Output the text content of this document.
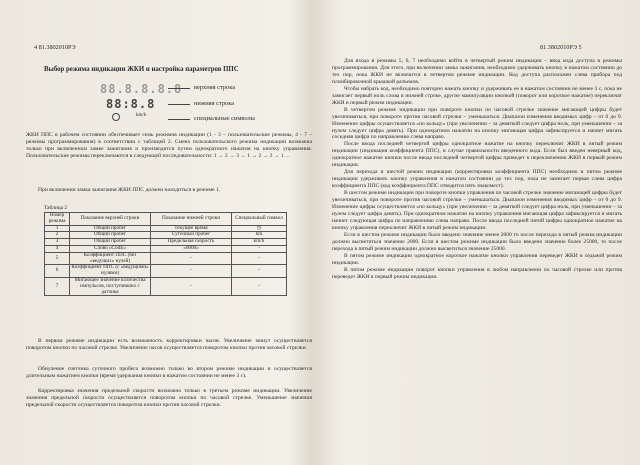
4 81.3802010РЭ	81.3802010РЭ 5
Выбор режима индикации ЖКИ и настройка параметров ППС
88.8.8.8.8
88:8.8
km/h
верхняя строка
нижняя строка
специальные символы
ЖКИ ППС в рабочем состоянии обеспечивает семь режимов индикации (1 - 3 – пользовательские режимы, 4 - 7 – режимы программирования) в соответствии с таблицей 2. Смена пользовательского режима индикации возможна только при включенном замке зажигания и производится путем однократного нажатия на кнопку управления. Пользовательские режимы переключаются в следующей последовательности: 1 → 2 → 3 → 1 → 2 → 3 → 1 …
При включении замка зажигания ЖКИ ППС должен находиться в режиме 1.
Таблица 2
Номер режима	Показание верхней строки	Показание нижней строки	Специальный символ
1	Общий пробег	Текущее время	◷
2	Общий пробег	Суточный пробег	km
3	Общий пробег	Предельная скорость	km/h
4	Слово «CodE»	«0000»	-
5	Коэффициент ППС (без «ведущих» нулей)	-	-
6	Коэффициент ППС (с «ведущими» нулями)	-	-
7	Мигающее значение количества импульсов, поступивших с датчика	-	-
В первом режиме индикации есть возможность корректировки часов. Увеличение минут осуществляется поворотом кнопки по часовой стрелке. Увеличение часов осуществляется поворотом кнопки против часовой стрелки.
Обнуление счетчика суточного пробега возможно только во втором режиме индикации и осуществляется длительным нажатием кнопки (время удержания кнопки в нажатом состоянии не менее 3 с).
Корректировка значения предельной скорости возможна только в третьем режиме индикации. Увеличение значения предельной скорости осуществляется поворотом кнопки по часовой стрелке. Уменьшение значения предельной скорости осуществляется поворотом кнопки против часовой стрелки.

Для входа в режимы 5, 6, 7 необходимо войти в четвертый режим индикации – ввод кода доступа в режимы программирования. Для этого, при включении замка зажигания, необходимо удерживать кнопку в нажатом состоянии до тех пор, пока ЖКИ не включится в четвертом режиме индикации. Код доступа расположен слева прибора под пломбировочной крышкой разъемов.

Чтобы набрать код, необходимо повторно нажать кнопку и удерживать ее в нажатом состоянии не менее 3 с, пока не замигает первый ноль слова в нижней строке, другие манипуляции кнопкой (поворот или короткое нажатие) переключат ЖКИ в первый режим индикации.

В четвертом режиме индикации при повороте кнопки по часовой стрелке значение мигающей цифры будет увеличиваться, при повороте против часовой стрелки – уменьшаться. Диапазон изменения вводимых цифр – от 0 до 9. Изменение цифры осуществляется «по кольцу» (при увеличении – за девяткой следует цифра ноль, при уменьшении – за нулем следует цифра девять). При однократном нажатии на кнопку мигающая цифра зафиксируется и начнет мигать соседняя цифра по направлению слева направо.

После ввода последней четвертой цифры однократное нажатие на кнопку переключит ЖКИ в пятый режим индикации (индикация коэффициента ППС), в случае правильности введенного кода. Если был введен неверный код, однократное нажатие кнопки после ввода последней четвертой цифры приведет к переключению ЖКИ в первый режим индикации.

Для перехода в шестой режим индикации (корректировки коэффициента ППС) необходимо в пятом режиме индикации удерживать кнопку управления в нажатом состоянии до тех пор, пока не замигает первая слева цифра коэффициента ППС (код коэффициента ППС отводится пять знакомест).

В шестом режиме индикации при повороте кнопки управления по часовой стрелке значение мигающей цифры будет увеличиваться, при повороте против часовой стрелки – уменьшаться. Диапазон изменения вводимых цифр – от 0 до 9. Изменение цифры осуществляется «по кольцу» (при увеличении – за девяткой следует цифра ноль, при уменьшении – за нулем следует цифра девять). При однократном нажатии на кнопку управления мигающая цифра зафиксируется и мигать начнет следующая цифра по направлению слева направо. После ввода последней пятой цифры однократное нажатие на кнопку управления переключит ЖКИ в пятый режим индикации.

Если в шестом режиме индикации было введено значение менее 2000 то после перехода в пятый режим индикации должно высветиться значение 2000. Если в шестом режиме индикации было введено значение более 25000, то после перехода в пятый режим индикации должно высветиться значение 25000.

В пятом режиме индикации однократное короткое нажатие кнопки управления переведет ЖКИ в седьмой режим индикации.

В пятом режиме индикации поворот кнопки управления в любом направлении по часовой стрелке или против переведет ЖКИ в первый режим индикации.
